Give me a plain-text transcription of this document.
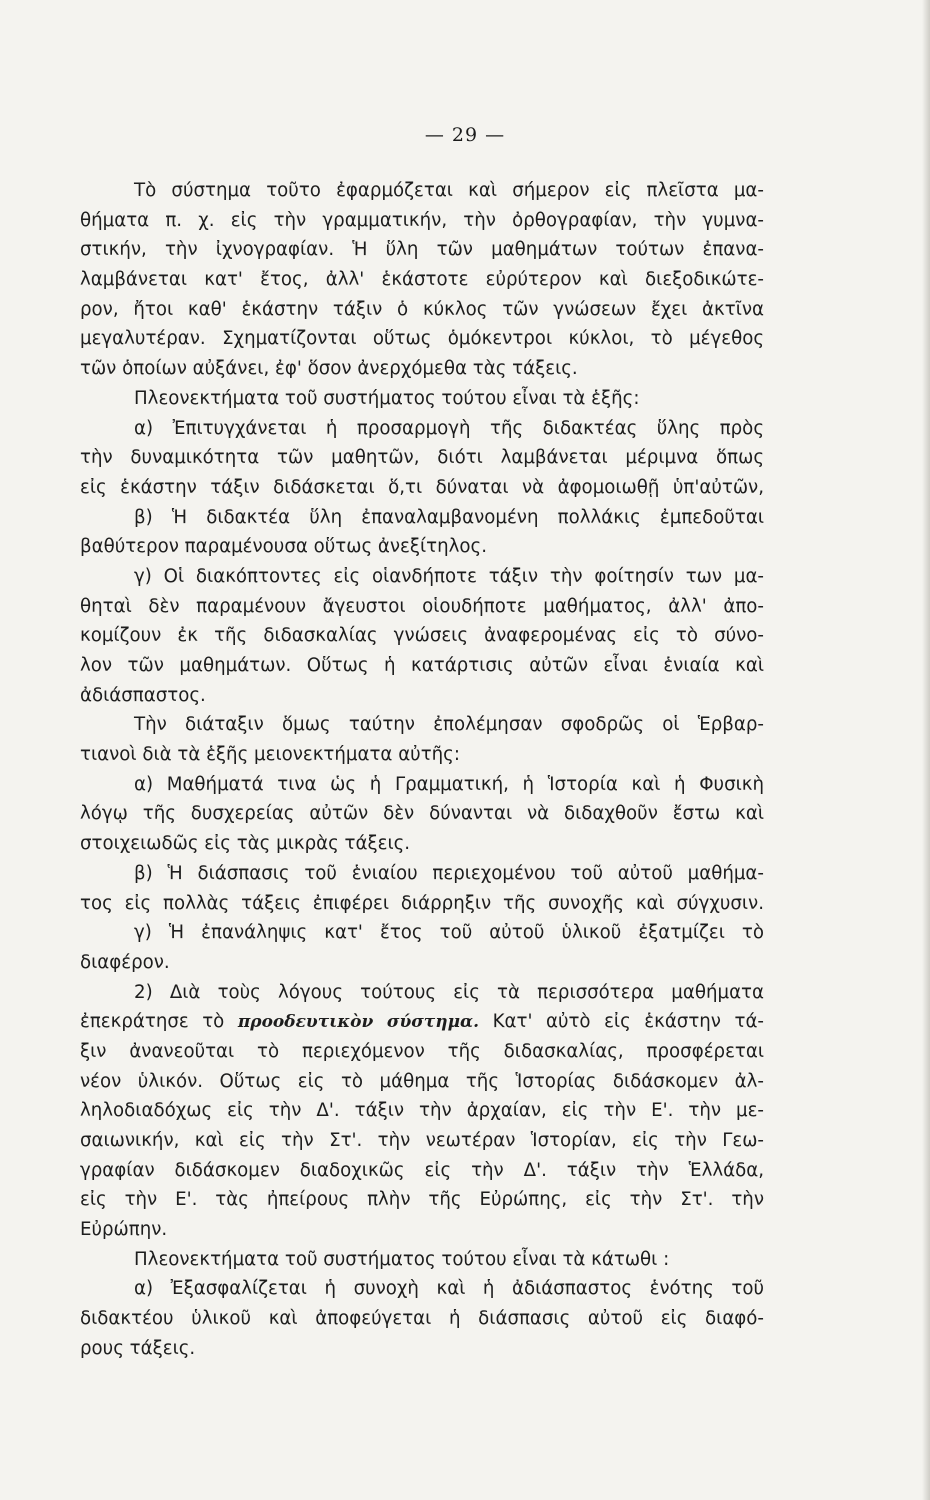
— 29 —
Τὸ σύστημα τοῦτο ἐφαρμόζεται καὶ σήμερον εἰς πλεῖστα μα-
θήματα π. χ. εἰς τὴν γραμματικήν, τὴν ὀρθογραφίαν, τὴν γυμνα-
στικήν, τὴν ἰχνογραφίαν. Ἡ ὕλη τῶν μαθημάτων τούτων ἐπανα-
λαμβάνεται κατ' ἔτος, ἀλλ' ἑκάστοτε εὐρύτερον καὶ διεξοδικώτε-
ρον, ἤτοι καθ' ἑκάστην τάξιν ὁ κύκλος τῶν γνώσεων ἔχει ἀκτῖνα
μεγαλυτέραν. Σχηματίζονται οὕτως ὁμόκεντροι κύκλοι, τὸ μέγεθος
τῶν ὁποίων αὐξάνει, ἐφ' ὅσον ἀνερχόμεθα τὰς τάξεις.
Πλεονεκτήματα τοῦ συστήματος τούτου εἶναι τὰ ἑξῆς:
α) Ἐπιτυγχάνεται ἡ προσαρμογὴ τῆς διδακτέας ὕλης πρὸς
τὴν δυναμικότητα τῶν μαθητῶν, διότι λαμβάνεται μέριμνα ὅπως
εἰς ἑκάστην τάξιν διδάσκεται ὅ,τι δύναται νὰ ἀφομοιωθῇ ὑπ'αὐτῶν,
β) Ἡ διδακτέα ὕλη ἐπαναλαμβανομένη πολλάκις ἐμπεδοῦται
βαθύτερον παραμένουσα οὕτως ἀνεξίτηλος.
γ) Οἱ διακόπτοντες εἰς οἱανδήποτε τάξιν τὴν φοίτησίν των μα-
θηταὶ δὲν παραμένουν ἄγευστοι οἱουδήποτε μαθήματος, ἀλλ' ἀπο-
κομίζουν ἐκ τῆς διδασκαλίας γνώσεις ἀναφερομένας εἰς τὸ σύνο-
λον τῶν μαθημάτων. Οὕτως ἡ κατάρτισις αὐτῶν εἶναι ἑνιαία καὶ
ἀδιάσπαστος.
Τὴν διάταξιν ὅμως ταύτην ἐπολέμησαν σφοδρῶς οἱ Ἑρβαρ-
τιανοὶ διὰ τὰ ἑξῆς μειονεκτήματα αὐτῆς:
α) Μαθήματά τινα ὡς ἡ Γραμματική, ἡ Ἱστορία καὶ ἡ Φυσικὴ
λόγῳ τῆς δυσχερείας αὐτῶν δὲν δύνανται νὰ διδαχθοῦν ἔστω καὶ
στοιχειωδῶς εἰς τὰς μικρὰς τάξεις.
β) Ἡ διάσπασις τοῦ ἑνιαίου περιεχομένου τοῦ αὐτοῦ μαθήμα-
τος εἰς πολλὰς τάξεις ἐπιφέρει διάρρηξιν τῆς συνοχῆς καὶ σύγχυσιν.
γ) Ἡ ἐπανάληψις κατ' ἔτος τοῦ αὐτοῦ ὑλικοῦ ἐξατμίζει τὸ
διαφέρον.
2) Διὰ τοὺς λόγους τούτους εἰς τὰ περισσότερα μαθήματα
ἐπεκράτησε τὸ προοδευτικὸν σύστημα. Κατ' αὐτὸ εἰς ἑκάστην τά-
ξιν ἀνανεοῦται τὸ περιεχόμενον τῆς διδασκαλίας, προσφέρεται
νέον ὑλικόν. Οὕτως εἰς τὸ μάθημα τῆς Ἱστορίας διδάσκομεν ἀλ-
ληλοδιαδόχως εἰς τὴν Δ'. τάξιν τὴν ἀρχαίαν, εἰς τὴν Ε'. τὴν με-
σαιωνικήν, καὶ εἰς τὴν Στ'. τὴν νεωτέραν Ἱστορίαν, εἰς τὴν Γεω-
γραφίαν διδάσκομεν διαδοχικῶς εἰς τὴν Δ'. τάξιν τὴν Ἑλλάδα,
εἰς τὴν Ε'. τὰς ἠπείρους πλὴν τῆς Εὐρώπης, εἰς τὴν Στ'. τὴν
Εὐρώπην.
Πλεονεκτήματα τοῦ συστήματος τούτου εἶναι τὰ κάτωθι :
α) Ἐξασφαλίζεται ἡ συνοχὴ καὶ ἡ ἀδιάσπαστος ἑνότης τοῦ
διδακτέου ὑλικοῦ καὶ ἀποφεύγεται ἡ διάσπασις αὐτοῦ εἰς διαφό-
ρους τάξεις.
